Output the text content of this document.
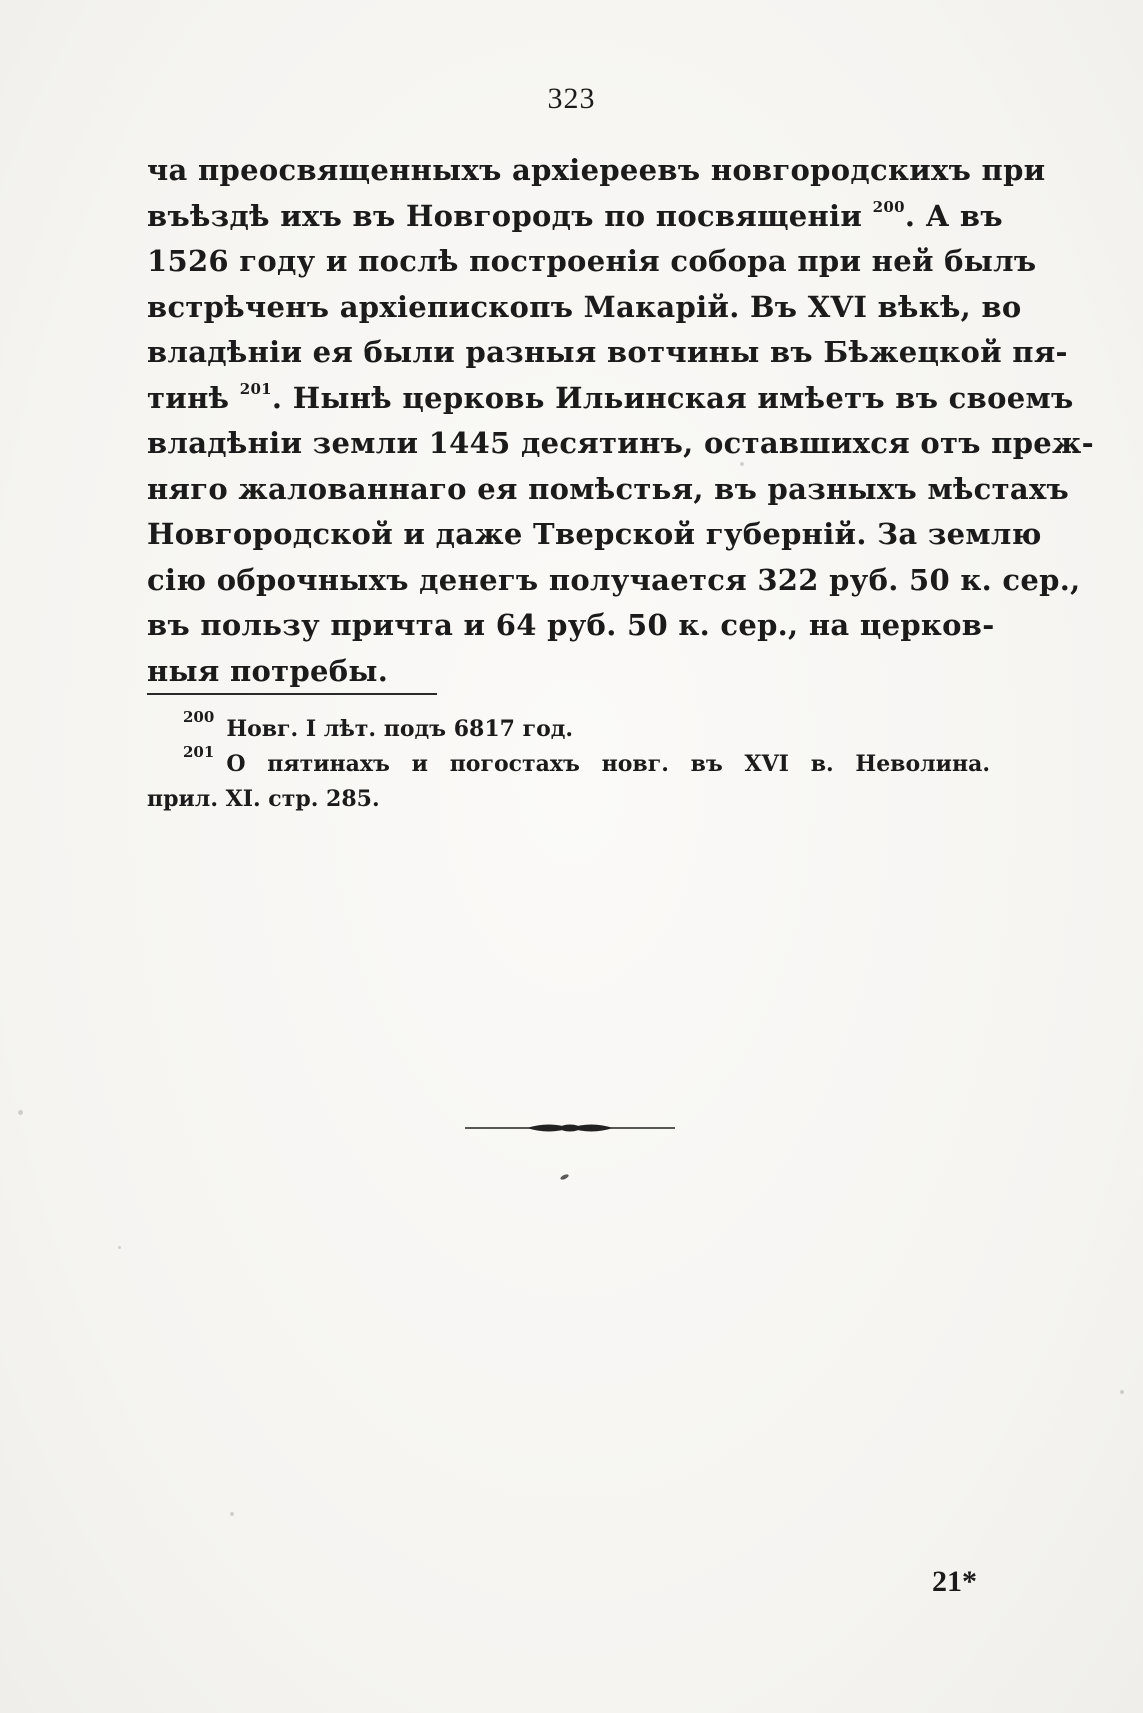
323
ча преосвященныхъ архіереевъ новгородскихъ при
въѣздѣ ихъ въ Новгородъ по посвященіи $^{200}$. А въ
1526 году и послѣ построенія собора при ней былъ
встрѣченъ архіепископъ Макарій. Въ XVI вѣкѣ, во
владѣніи ея были разныя вотчины въ Бѣжецкой пя-
тинѣ $^{201}$. Нынѣ церковь Ильинская имѣетъ въ своемъ
владѣніи земли 1445 десятинъ, оставшихся отъ преж-
няго жалованнаго ея помѣстья, въ разныхъ мѣстахъ
Новгородской и даже Тверской губерній. За землю
сію оброчныхъ денегъ получается 322 руб. 50 к. сер.,
въ пользу причта и 64 руб. 50 к. сер., на церков-
ныя потребы.
$^{200}$ Новг. I лѣт. подъ 6817 год.
$^{201}$ О пятинахъ и погостахъ новг. въ XVI в. Неволина.
прил. XI. стр. 285.
21*
